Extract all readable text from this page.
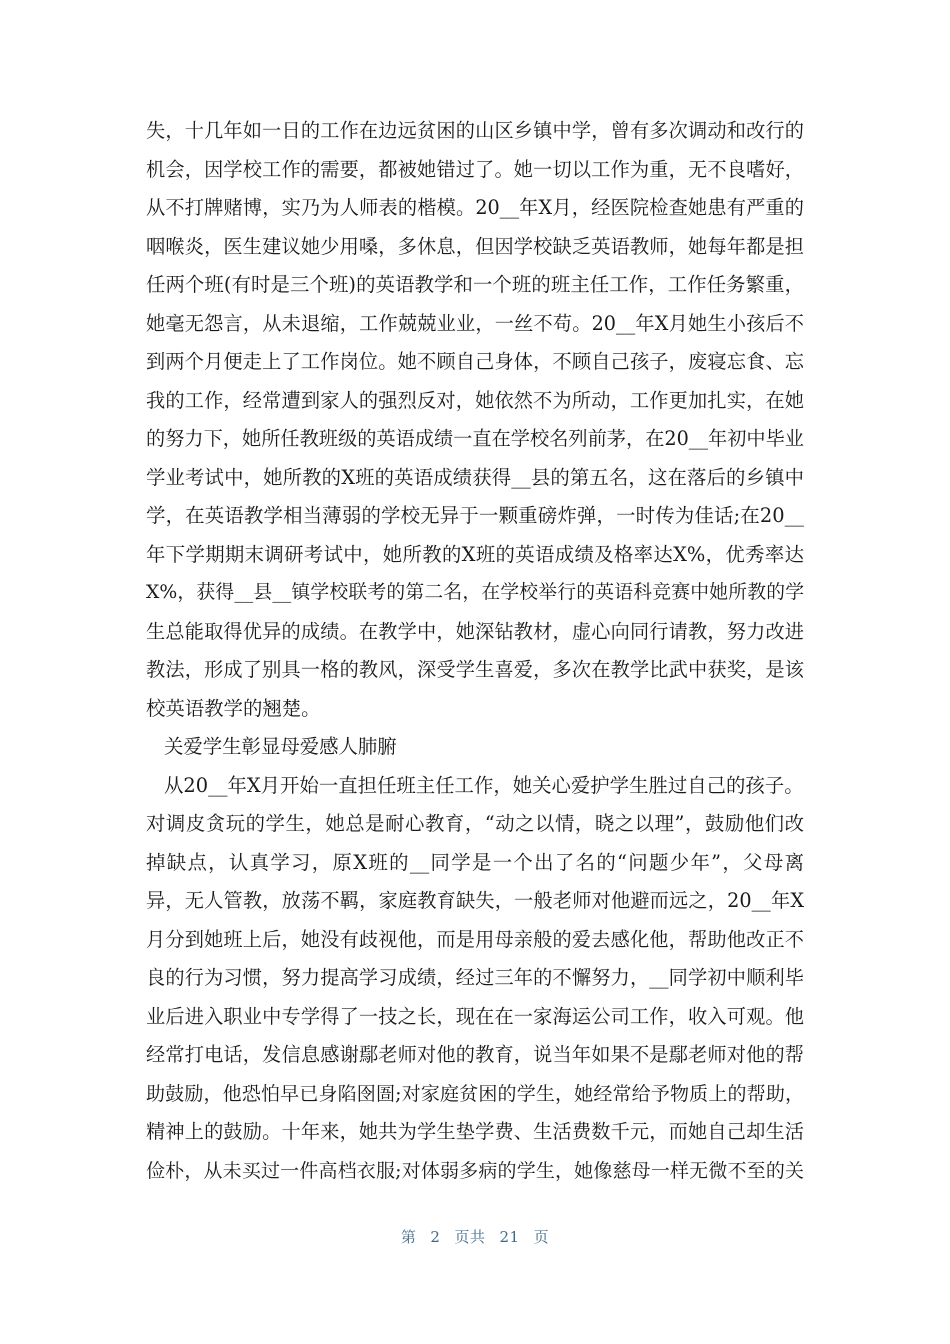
失，十几年如一日的工作在边远贫困的山区乡镇中学，曾有多次调动和改行的
机会，因学校工作的需要，都被她错过了。她一切以工作为重，无不良嗜好，
从不打牌赌博，实乃为人师表的楷模。20__年X月，经医院检查她患有严重的
咽喉炎，医生建议她少用嗓，多休息，但因学校缺乏英语教师，她每年都是担
任两个班(有时是三个班)的英语教学和一个班的班主任工作，工作任务繁重，
她毫无怨言，从未退缩，工作兢兢业业，一丝不苟。20__年X月她生小孩后不
到两个月便走上了工作岗位。她不顾自己身体，不顾自己孩子，废寝忘食、忘
我的工作，经常遭到家人的强烈反对，她依然不为所动，工作更加扎实，在她
的努力下，她所任教班级的英语成绩一直在学校名列前茅，在20__年初中毕业
学业考试中，她所教的X班的英语成绩获得__县的第五名，这在落后的乡镇中
学，在英语教学相当薄弱的学校无异于一颗重磅炸弹，一时传为佳话;在20__
年下学期期末调研考试中，她所教的X班的英语成绩及格率达X%，优秀率达
X%，获得__县__镇学校联考的第二名，在学校举行的英语科竞赛中她所教的学
生总能取得优异的成绩。在教学中，她深钻教材，虚心向同行请教，努力改进
教法，形成了别具一格的教风，深受学生喜爱，多次在教学比武中获奖，是该
校英语教学的翘楚。
关爱学生彰显母爱感人肺腑
从20__年X月开始一直担任班主任工作，她关心爱护学生胜过自己的孩子。
对调皮贪玩的学生，她总是耐心教育，“动之以情，晓之以理”，鼓励他们改
掉缺点，认真学习，原X班的__同学是一个出了名的“问题少年”，父母离
异，无人管教，放荡不羁，家庭教育缺失，一般老师对他避而远之，20__年X
月分到她班上后，她没有歧视他，而是用母亲般的爱去感化他，帮助他改正不
良的行为习惯，努力提高学习成绩，经过三年的不懈努力，__同学初中顺利毕
业后进入职业中专学得了一技之长，现在在一家海运公司工作，收入可观。他
经常打电话，发信息感谢鄢老师对他的教育，说当年如果不是鄢老师对他的帮
助鼓励，他恐怕早已身陷囹圄;对家庭贫困的学生，她经常给予物质上的帮助，
精神上的鼓励。十年来，她共为学生垫学费、生活费数千元，而她自己却生活
俭朴，从未买过一件高档衣服;对体弱多病的学生，她像慈母一样无微不至的关
第 2 页共 21 页
